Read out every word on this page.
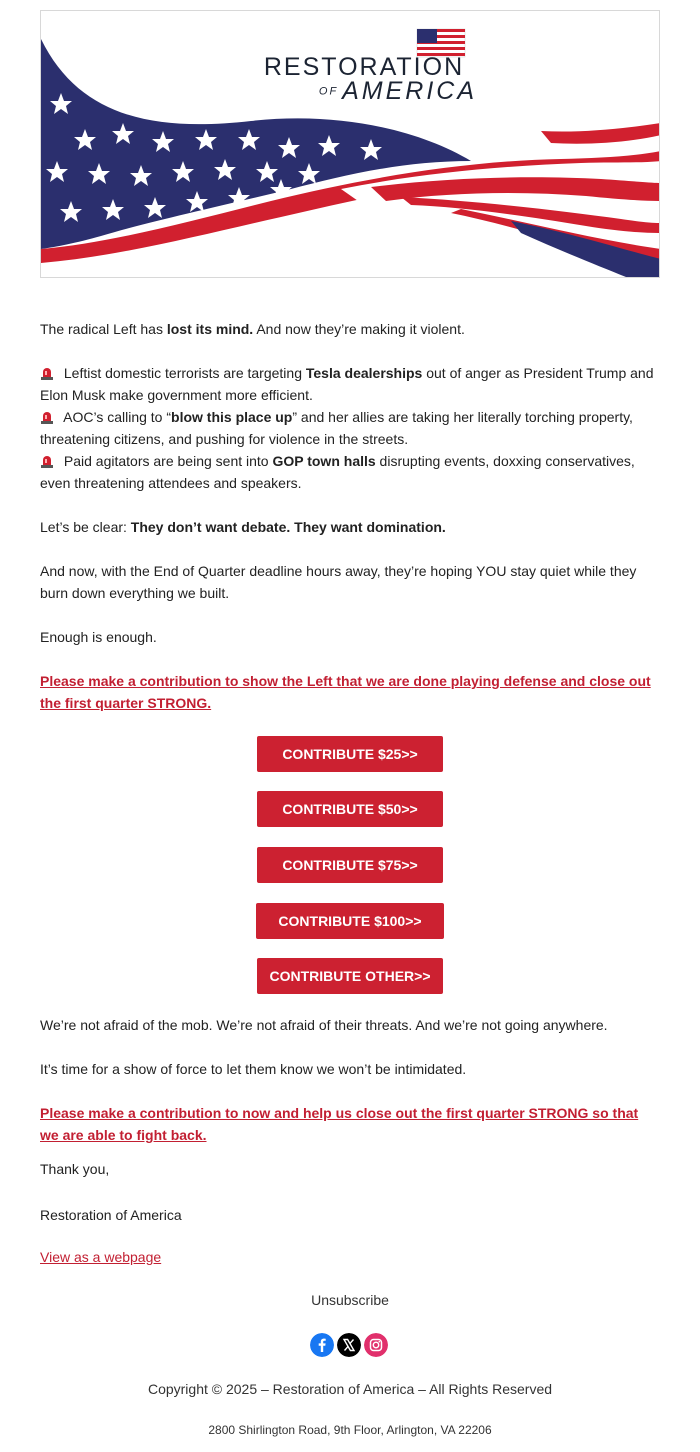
RESTORATION
OF AMERICA

The radical Left has lost its mind. And now they’re making it violent.

Leftist domestic terrorists are targeting Tesla dealerships out of anger as President Trump and Elon Musk make government more efficient.

AOC’s calling to “blow this place up” and her allies are taking her literally torching property, threatening citizens, and pushing for violence in the streets.

Paid agitators are being sent into GOP town halls disrupting events, doxxing conservatives, even threatening attendees and speakers.

Let’s be clear: They don’t want debate. They want domination.

And now, with the End of Quarter deadline hours away, they’re hoping YOU stay quiet while they burn down everything we built.

Enough is enough.

Please make a contribution to show the Left that we are done playing defense and close out the first quarter STRONG.

CONTRIBUTE $25>>
CONTRIBUTE $50>>
CONTRIBUTE $75>>
CONTRIBUTE $100>>
CONTRIBUTE OTHER>>

We’re not afraid of the mob. We’re not afraid of their threats. And we’re not going anywhere.

It’s time for a show of force to let them know we won’t be intimidated.

Please make a contribution to now and help us close out the first quarter STRONG so that we are able to fight back.

Thank you,

Restoration of America

View as a webpage

Unsubscribe
Copyright © 2025 – Restoration of America – All Rights Reserved
2800 Shirlington Road, 9th Floor, Arlington, VA 22206
